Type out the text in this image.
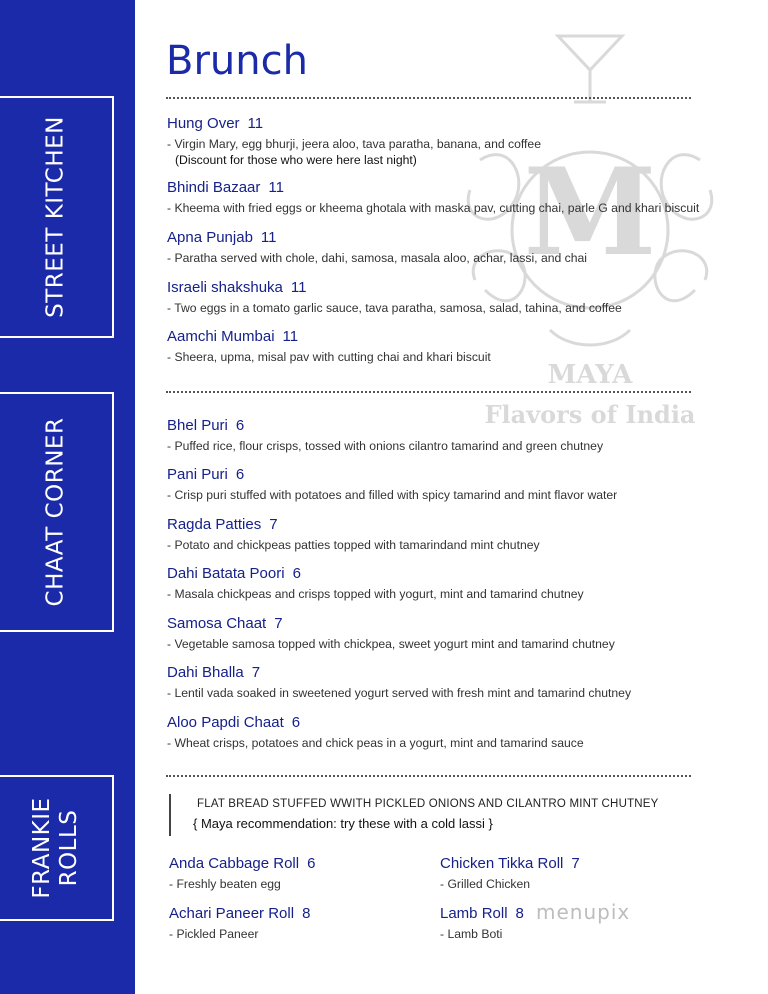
STREET KITCHEN
CHAAT CORNER
FRANKIE ROLLS
M
MAYA
Flavors of India
Brunch
Hung Over 11
- Virgin Mary, egg bhurji, jeera aloo, tava paratha, banana, and coffee
(Discount for those who were here last night)
Bhindi Bazaar 11
- Kheema with fried eggs or kheema ghotala with maska pav, cutting chai, parle G and khari biscuit
Apna Punjab 11
- Paratha served with chole, dahi, samosa, masala aloo, achar, lassi, and chai
Israeli shakshuka 11
- Two eggs in a tomato garlic sauce, tava paratha, samosa, salad, tahina, and coffee
Aamchi Mumbai 11
- Sheera, upma, misal pav with cutting chai and khari biscuit
Bhel Puri 6
- Puffed rice, flour crisps, tossed with onions cilantro tamarind and green chutney
Pani Puri 6
- Crisp puri stuffed with potatoes and filled with spicy tamarind and mint flavor water
Ragda Patties 7
- Potato and chickpeas patties topped with tamarindand mint chutney
Dahi Batata Poori 6
- Masala chickpeas and crisps topped with yogurt, mint and tamarind chutney
Samosa Chaat 7
- Vegetable samosa topped with chickpea, sweet yogurt mint and tamarind chutney
Dahi Bhalla 7
- Lentil vada soaked in sweetened yogurt served with fresh mint and tamarind chutney
Aloo Papdi Chaat 6
- Wheat crisps, potatoes and chick peas in a yogurt, mint and tamarind sauce
FLAT BREAD STUFFED WWITH PICKLED ONIONS AND CILANTRO MINT CHUTNEY
{ Maya recommendation: try these with a cold lassi }
Anda Cabbage Roll 6
- Freshly beaten egg
Chicken Tikka Roll 7
- Grilled Chicken
Achari Paneer Roll 8
- Pickled Paneer
Lamb Roll 8
- Lamb Boti
menupix
